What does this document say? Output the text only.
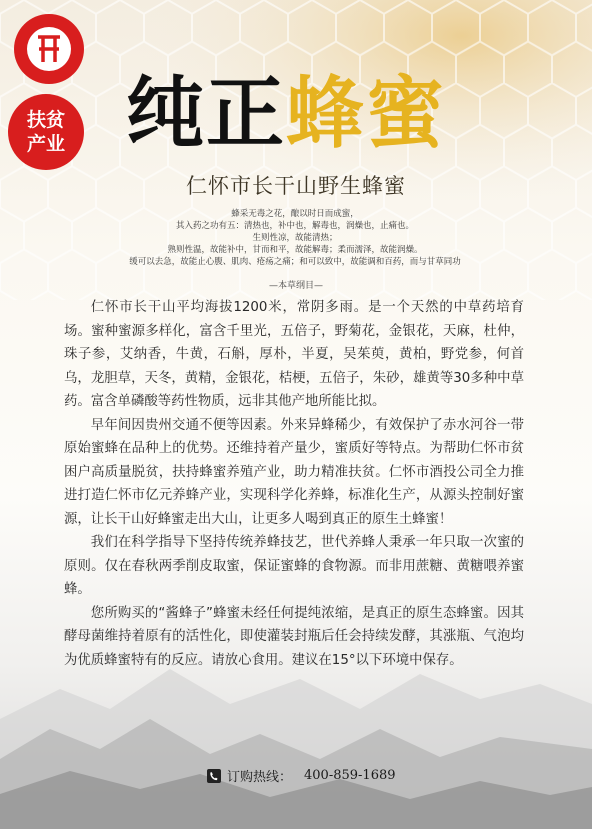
扶贫
产业 纯正 蜂蜜
仁怀市长干山野生蜂蜜
蜂采无毒之花，酿以时日而成蜜，
其入药之功有五：清热也，补中也，解毒也，润燥也，止痛也。
生则性凉，故能清热；
熟则性温，故能补中，甘而和平，故能解毒；柔而濡泽，故能润燥。
缓可以去急，故能止心腹、肌肉、疮疡之痛；和可以致中，故能调和百药，而与甘草同功
—本草纲目—

仁怀市长干山平均海拔1200米，常阴多雨。是一个天然的中草药培育场。蜜种蜜源多样化，富含千里光，五倍子，野菊花，金银花，天麻，杜仲，珠子参，艾纳香，牛黄，石斛，厚朴，半夏，吴茱萸，黄柏，野党参，何首乌，龙胆草，天冬，黄精，金银花，桔梗，五倍子，朱砂，雄黄等30多种中草药。富含单磷酸等药性物质，远非其他产地所能比拟。

早年间因贵州交通不便等因素。外来异蜂稀少，有效保护了赤水河谷一带原始蜜蜂在品种上的优势。还维持着产量少，蜜质好等特点。为帮助仁怀市贫困户高质量脱贫，扶持蜂蜜养殖产业，助力精准扶贫。仁怀市酒投公司全力推进打造仁怀市亿元养蜂产业，实现科学化养蜂，标准化生产，从源头控制好蜜源，让长干山好蜂蜜走出大山，让更多人喝到真正的原生土蜂蜜！

我们在科学指导下坚持传统养蜂技艺，世代养蜂人秉承一年只取一次蜜的原则。仅在春秋两季削皮取蜜，保证蜜蜂的食物源。而非用蔗糖、黄糖喂养蜜蜂。

您所购买的“酱蜂子”蜂蜜未经任何提纯浓缩，是真正的原生态蜂蜜。因其酵母菌维持着原有的活性化，即使灌装封瓶后任会持续发酵，其涨瓶、气泡均为优质蜂蜜特有的反应。请放心食用。建议在15°以下环境中保存。

订购热线： 400-859-1689
